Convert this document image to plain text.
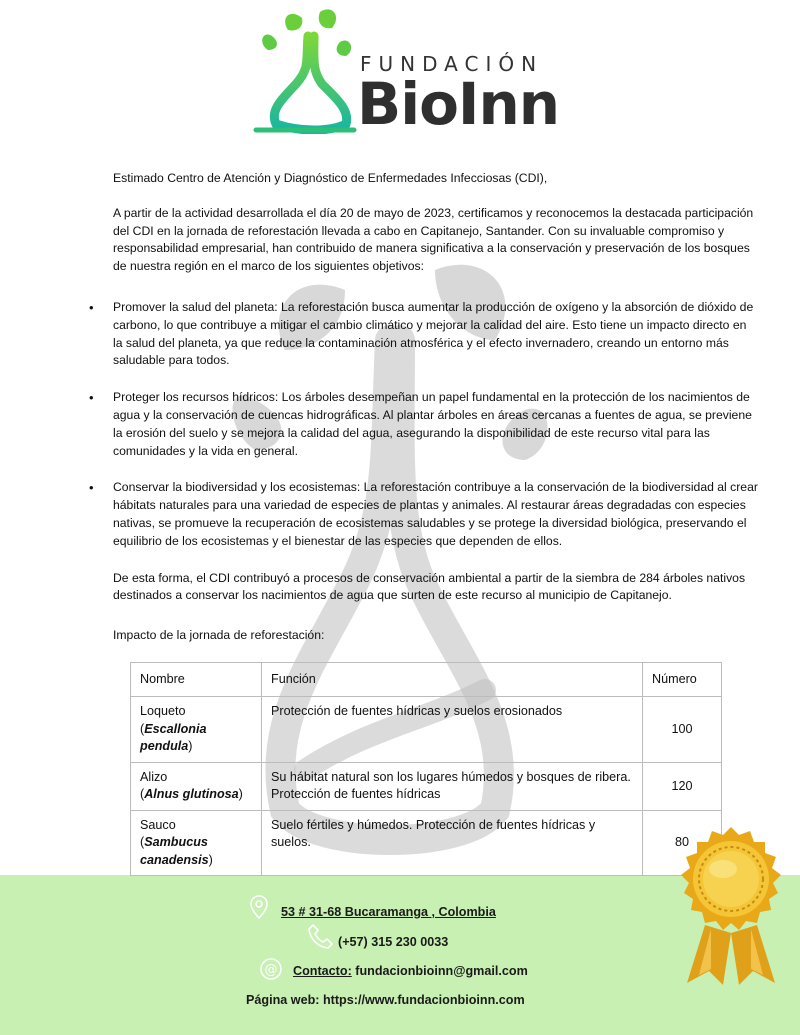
FUNDACIÓN
BioInn

Estimado Centro de Atención y Diagnóstico de Enfermedades Infecciosas (CDI),

A partir de la actividad desarrollada el día 20 de mayo de 2023, certificamos y reconocemos la destacada participación del CDI en la jornada de reforestación llevada a cabo en Capitanejo, Santander. Con su invaluable compromiso y responsabilidad empresarial, han contribuido de manera significativa a la conservación y preservación de los bosques de nuestra región en el marco de los siguientes objetivos:

• Promover la salud del planeta: La reforestación busca aumentar la producción de oxígeno y la absorción de dióxido de carbono, lo que contribuye a mitigar el cambio climático y mejorar la calidad del aire. Esto tiene un impacto directo en la salud del planeta, ya que reduce la contaminación atmosférica y el efecto invernadero, creando un entorno más saludable para todos.
• Proteger los recursos hídricos: Los árboles desempeñan un papel fundamental en la protección de los nacimientos de agua y la conservación de cuencas hidrográficas. Al plantar árboles en áreas cercanas a fuentes de agua, se previene la erosión del suelo y se mejora la calidad del agua, asegurando la disponibilidad de este recurso vital para las comunidades y la vida en general.
• Conservar la biodiversidad y los ecosistemas: La reforestación contribuye a la conservación de la biodiversidad al crear hábitats naturales para una variedad de especies de plantas y animales. Al restaurar áreas degradadas con especies nativas, se promueve la recuperación de ecosistemas saludables y se protege la diversidad biológica, preservando el equilibrio de los ecosistemas y el bienestar de las especies que dependen de ellos.

De esta forma, el CDI contribuyó a procesos de conservación ambiental a partir de la siembra de 284 árboles nativos destinados a conservar los nacimientos de agua que surten de este recurso al municipio de Capitanejo.

Impacto de la jornada de reforestación:

Nombre	Función	Número
Loqueto
(Escallonia pendula)	Protección de fuentes hídricas y suelos erosionados	100
Alizo
(Alnus glutinosa)	Su hábitat natural son los lugares húmedos y bosques de ribera. Protección de fuentes hídricas	120
Sauco
(Sambucus canadensis)	Suelo fértiles y húmedos. Protección de fuentes hídricas y suelos.	80
53 # 31-68 Bucaramanga , Colombia
(+57) 315 230 0033
@ Contacto: fundacionbioinn@gmail.com
Página web: https://www.fundacionbioinn.com
